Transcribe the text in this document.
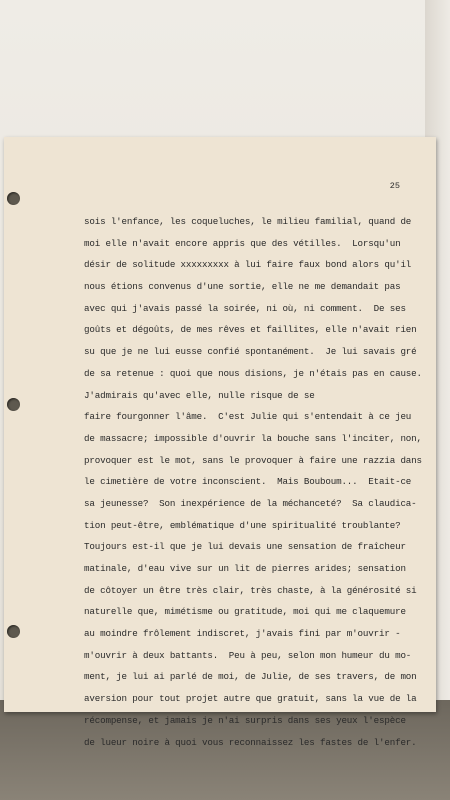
25
sois l'enfance, les coqueluches, le milieu familial, quand de
moi elle n'avait encore appris que des vétilles.  Lorsqu'un
désir de solitude xxxxxxxxx à lui faire faux bond alors qu'il
nous étions convenus d'une sortie, elle ne me demandait pas
avec qui j'avais passé la soirée, ni où, ni comment.  De ses
goûts et dégoûts, de mes rêves et faillites, elle n'avait rien
su que je ne lui eusse confié spontanément.  Je lui savais gré
de sa retenue : quoi que nous disions, je n'étais pas en cause.
J'admirais qu'avec elle, nulle risque de se
faire fourgonner l'âme.  C'est Julie qui s'entendait à ce jeu
de massacre; impossible d'ouvrir la bouche sans l'inciter, non,
provoquer est le mot, sans le provoquer à faire une razzia dans
le cimetière de votre inconscient.  Mais Bouboum...  Etait-ce
sa jeunesse?  Son inexpérience de la méchanceté?  Sa claudica-
tion peut-être, emblématique d'une spiritualité troublante?
Toujours est-il que je lui devais une sensation de fraîcheur
matinale, d'eau vive sur un lit de pierres arides; sensation
de côtoyer un être très clair, très chaste, à la générosité si
naturelle que, mimétisme ou gratitude, moi qui me claquemure
au moindre frôlement indiscret, j'avais fini par m'ouvrir -
m'ouvrir à deux battants.  Peu à peu, selon mon humeur du mo-
ment, je lui ai parlé de moi, de Julie, de ses travers, de mon
aversion pour tout projet autre que gratuit, sans la vue de la
récompense, et jamais je n'ai surpris dans ses yeux l'espèce
de lueur noire à quoi vous reconnaissez les fastes de l'enfer.
